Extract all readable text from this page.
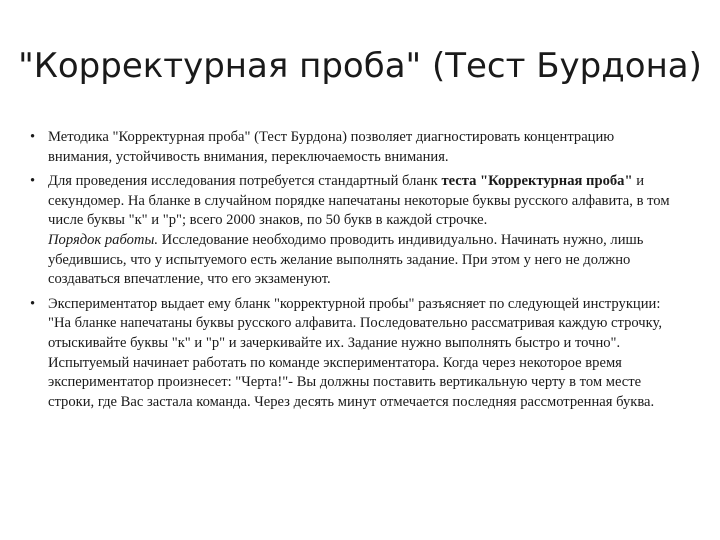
"Корректурная проба" (Тест Бурдона)
• Методика "Корректурная проба" (Тест Бурдона) позволяет диагностировать концентрацию внимания, устойчивость внимания, переключаемость внимания.
• Для проведения исследования потребуется стандартный бланк теста "Корректурная проба" и секундомер. На бланке в случайном порядке напечатаны некоторые буквы русского алфавита, в том числе буквы "к" и "р"; всего 2000 знаков, по 50 букв в каждой строчке.
Порядок работы. Исследование необходимо проводить индивидуально. Начинать нужно, лишь убедившись, что у испытуемого есть желание выполнять задание. При этом у него не должно создаваться впечатление, что его экзаменуют.
• Экспериментатор выдает ему бланк "корректурной пробы" разъясняет по следующей инструкции: "На бланке напечатаны буквы русского алфавита. Последовательно рассматривая каждую строчку, отыскивайте буквы "к" и "р" и зачеркивайте их. Задание нужно выполнять быстро и точно". Испытуемый начинает работать по команде экспериментатора. Когда через некоторое время экспериментатор произнесет: "Черта!"- Вы должны поставить вертикальную черту в том месте строки, где Вас застала команда. Через десять минут отмечается последняя рассмотренная буква.
